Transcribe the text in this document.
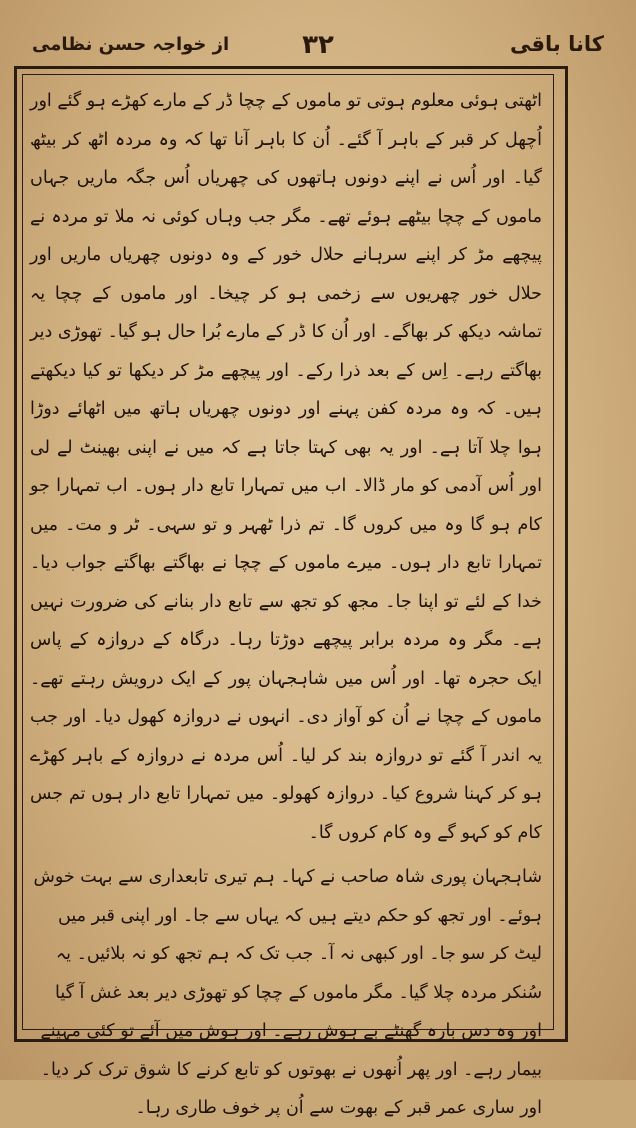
کانا باقی
۳۲
از خواجہ حسن نظامی

اٹھتی ہوئی معلوم ہوتی تو ماموں کے چچا ڈر کے مارے کھڑے ہو گئے اور اُچھل کر قبر کے باہر آ گئے۔ اُن کا باہر آنا تھا کہ وہ مردہ اٹھ کر بیٹھ گیا۔ اور اُس نے اپنے دونوں ہاتھوں کی چھریاں اُس جگہ ماریں جہاں ماموں کے چچا بیٹھے ہوئے تھے۔ مگر جب وہاں کوئی نہ ملا تو مردہ نے پیچھے مڑ کر اپنے سرہانے حلال خور کے وہ دونوں چھریاں ماریں اور حلال خور چھریوں سے زخمی ہو کر چیخا۔ اور ماموں کے چچا یہ تماشہ دیکھ کر بھاگے۔ اور اُن کا ڈر کے مارے بُرا حال ہو گیا۔ تھوڑی دیر بھاگتے رہے۔ اِس کے بعد ذرا رکے۔ اور پیچھے مڑ کر دیکھا تو کیا دیکھتے ہیں۔ کہ وہ مردہ کفن پہنے اور دونوں چھریاں ہاتھ میں اٹھائے دوڑا ہوا چلا آتا ہے۔ اور یہ بھی کہتا جاتا ہے کہ میں نے اپنی بھینٹ لے لی اور اُس آدمی کو مار ڈالا۔ اب میں تمہارا تابع دار ہوں۔ اب تمہارا جو کام ہو گا وہ میں کروں گا۔ تم ذرا ٹھہر و تو سہی۔ ٹر و مت۔ میں تمہارا تابع دار ہوں۔ میرے ماموں کے چچا نے بھاگتے بھاگتے جواب دیا۔ خدا کے لئے تو اپنا جا۔ مجھ کو تجھ سے تابع دار بنانے کی ضرورت نہیں ہے۔ مگر وہ مردہ برابر پیچھے دوڑتا رہا۔ درگاہ کے دروازہ کے پاس ایک حجرہ تھا۔ اور اُس میں شاہجہان پور کے ایک درویش رہتے تھے۔ ماموں کے چچا نے اُن کو آواز دی۔ انہوں نے دروازہ کھول دیا۔ اور جب یہ اندر آ گئے تو دروازہ بند کر لیا۔ اُس مردہ نے دروازہ کے باہر کھڑے ہو کر کہنا شروع کیا۔ دروازہ کھولو۔ میں تمہارا تابع دار ہوں تم جس کام کو کہو گے وہ کام کروں گا۔

شاہجہان پوری شاہ صاحب نے کہا۔ ہم تیری تابعداری سے بہت خوش ہوئے۔ اور تجھ کو حکم دیتے ہیں کہ یہاں سے جا۔ اور اپنی قبر میں لیٹ کر سو جا۔ اور کبھی نہ آ۔ جب تک کہ ہم تجھ کو نہ بلائیں۔ یہ سُنکر مردہ چلا گیا۔ مگر ماموں کے چچا کو تھوڑی دیر بعد غش آ گیا اور وہ دس بارہ گھنٹے بے ہوش رہے۔ اور ہوش میں آئے تو کئی مہینے بیمار رہے۔ اور پھر اُنھوں نے بھوتوں کو تابع کرنے کا شوق ترک کر دیا۔ اور ساری عمر قبر کے بھوت سے اُن پر خوف طاری رہا۔
